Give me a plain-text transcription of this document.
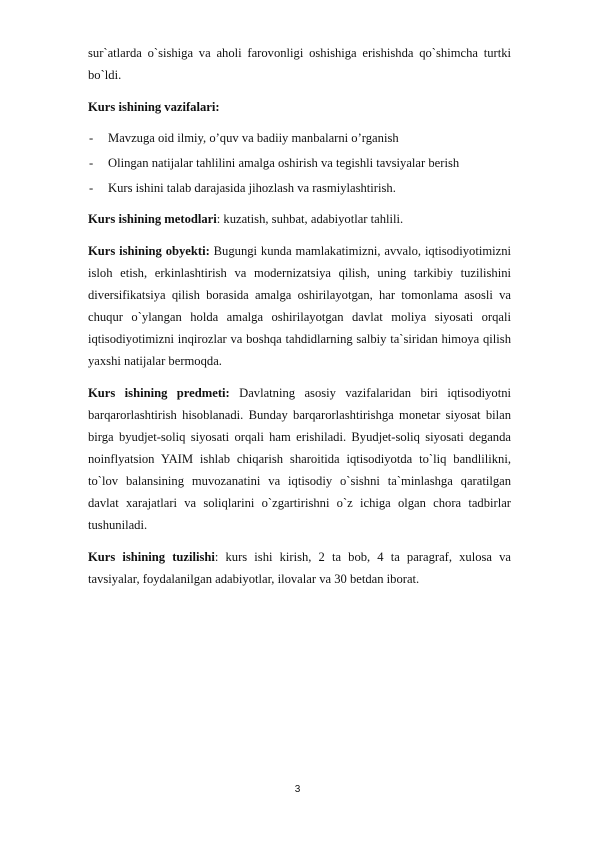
sur`atlarda o`sishiga va aholi farovonligi oshishiga erishishda qo`shimcha turtki bo`ldi.

Kurs ishining vazifalari:

- Mavzuga oid ilmiy, o’quv va badiiy manbalarni o’rganish
- Olingan natijalar tahlilini amalga oshirish va tegishli tavsiyalar berish
- Kurs ishini talab darajasida jihozlash va rasmiylashtirish.

Kurs ishining metodlari: kuzatish, suhbat, adabiyotlar tahlili.

Kurs ishining obyekti: Bugungi kunda mamlakatimizni, avvalo, iqtisodiyotimizni isloh etish, erkinlashtirish va modernizatsiya qilish, uning tarkibiy tuzilishini diversifikatsiya qilish borasida amalga oshirilayotgan, har tomonlama asosli va chuqur o`ylangan holda amalga oshirilayotgan davlat moliya siyosati orqali iqtisodiyotimizni inqirozlar va boshqa tahdidlarning salbiy ta`siridan himoya qilish yaxshi natijalar bermoqda.

Kurs ishining predmeti: Davlatning asosiy vazifalaridan biri iqtisodiyotni barqarorlashtirish hisoblanadi. Bunday barqarorlashtirishga monetar siyosat bilan birga byudjet-soliq siyosati orqali ham erishiladi. Byudjet-soliq siyosati deganda noinflyatsion YAIM ishlab chiqarish sharoitida iqtisodiyotda to`liq bandlilikni, to`lov balansining muvozanatini va iqtisodiy o`sishni ta`minlashga qaratilgan davlat xarajatlari va soliqlarini o`zgartirishni o`z ichiga olgan chora tadbirlar tushuniladi.

Kurs ishining tuzilishi: kurs ishi kirish, 2 ta bob, 4 ta paragraf, xulosa va tavsiyalar, foydalanilgan adabiyotlar, ilovalar va 30 betdan iborat.

3
